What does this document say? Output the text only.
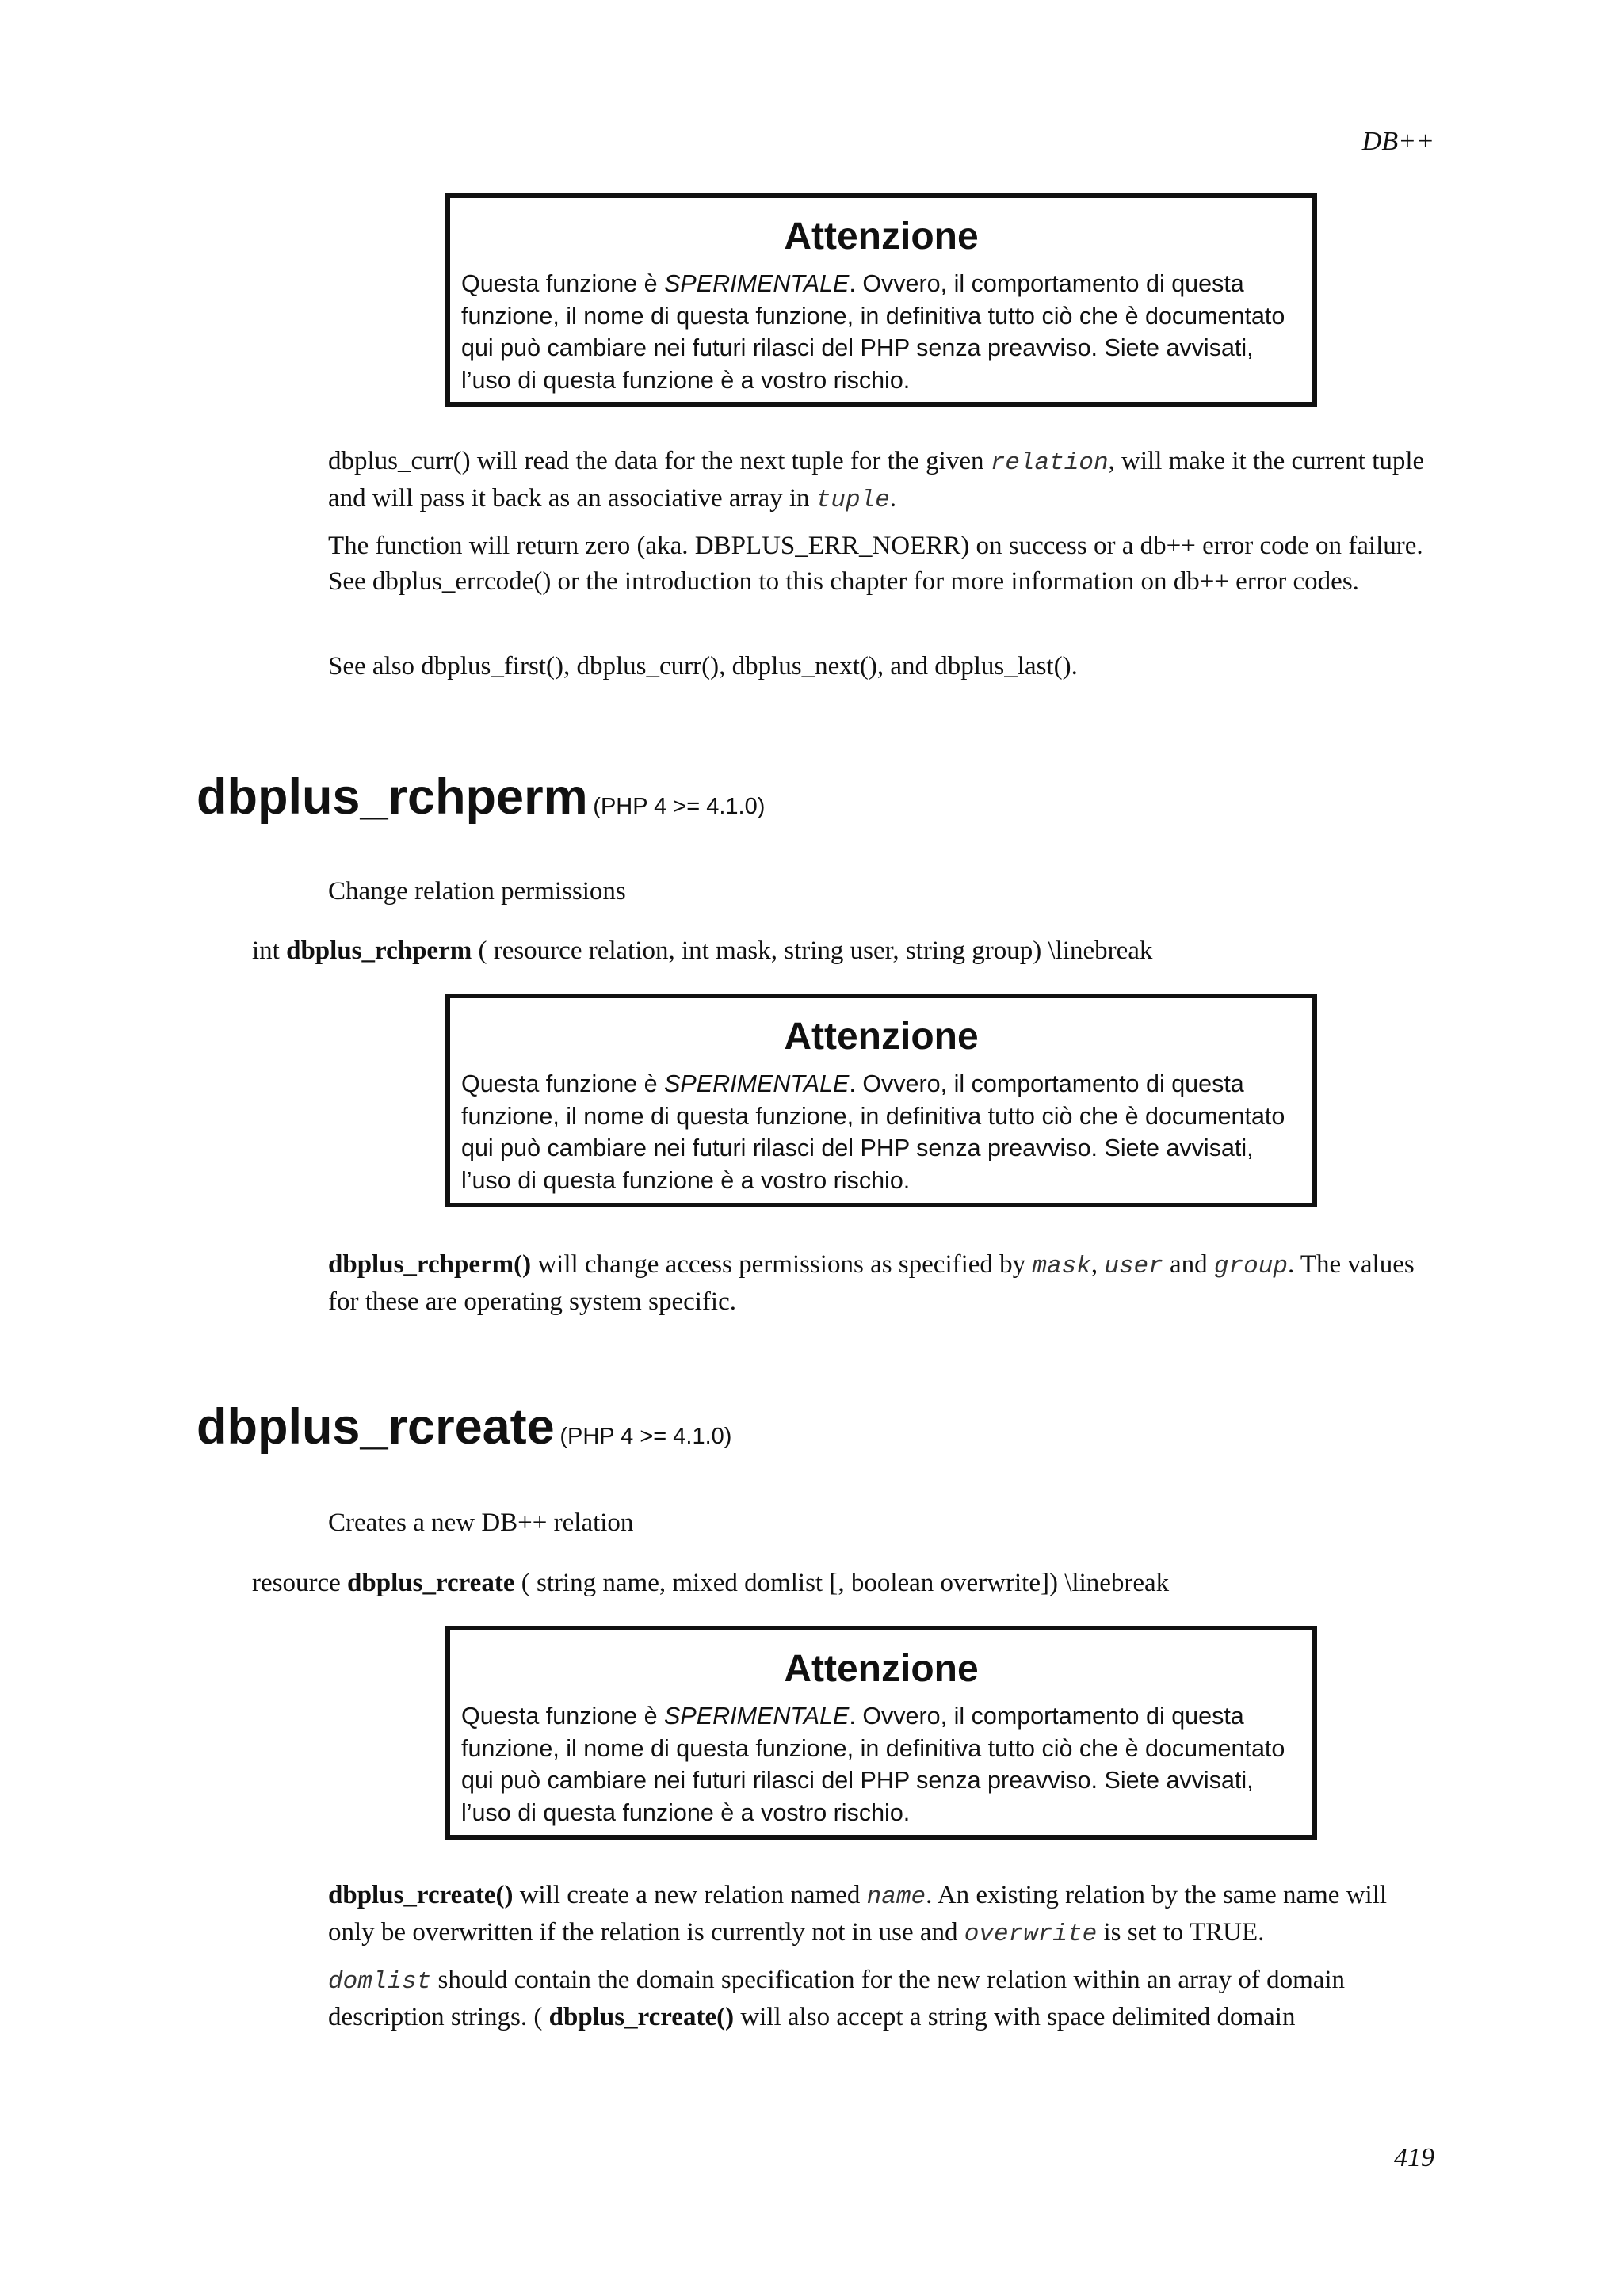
DB++

Attenzione

Questa funzione è SPERIMENTALE. Ovvero, il comportamento di questa
funzione, il nome di questa funzione, in definitiva tutto ciò che è documentato
qui può cambiare nei futuri rilasci del PHP senza preavviso. Siete avvisati,
l’uso di questa funzione è a vostro rischio.

dbplus_curr() will read the data for the next tuple for the given relation, will make it the current tuple and will pass it back as an associative array in tuple.

The function will return zero (aka. DBPLUS_ERR_NOERR) on success or a db++ error code on failure. See dbplus_errcode() or the introduction to this chapter for more information on db++ error codes.

See also dbplus_first(), dbplus_curr(), dbplus_next(), and dbplus_last().

dbplus_rchperm (PHP 4 >= 4.1.0)

Change relation permissions

int dbplus_rchperm ( resource relation, int mask, string user, string group) \linebreak

Attenzione

Questa funzione è SPERIMENTALE. Ovvero, il comportamento di questa
funzione, il nome di questa funzione, in definitiva tutto ciò che è documentato
qui può cambiare nei futuri rilasci del PHP senza preavviso. Siete avvisati,
l’uso di questa funzione è a vostro rischio.

dbplus_rchperm() will change access permissions as specified by mask, user and group. The values for these are operating system specific.

dbplus_rcreate (PHP 4 >= 4.1.0)

Creates a new DB++ relation

resource dbplus_rcreate ( string name, mixed domlist [, boolean overwrite]) \linebreak

Attenzione

Questa funzione è SPERIMENTALE. Ovvero, il comportamento di questa
funzione, il nome di questa funzione, in definitiva tutto ciò che è documentato
qui può cambiare nei futuri rilasci del PHP senza preavviso. Siete avvisati,
l’uso di questa funzione è a vostro rischio.

dbplus_rcreate() will create a new relation named name. An existing relation by the same name will only be overwritten if the relation is currently not in use and overwrite is set to TRUE.

domlist should contain the domain specification for the new relation within an array of domain description strings. ( dbplus_rcreate() will also accept a string with space delimited domain

419
